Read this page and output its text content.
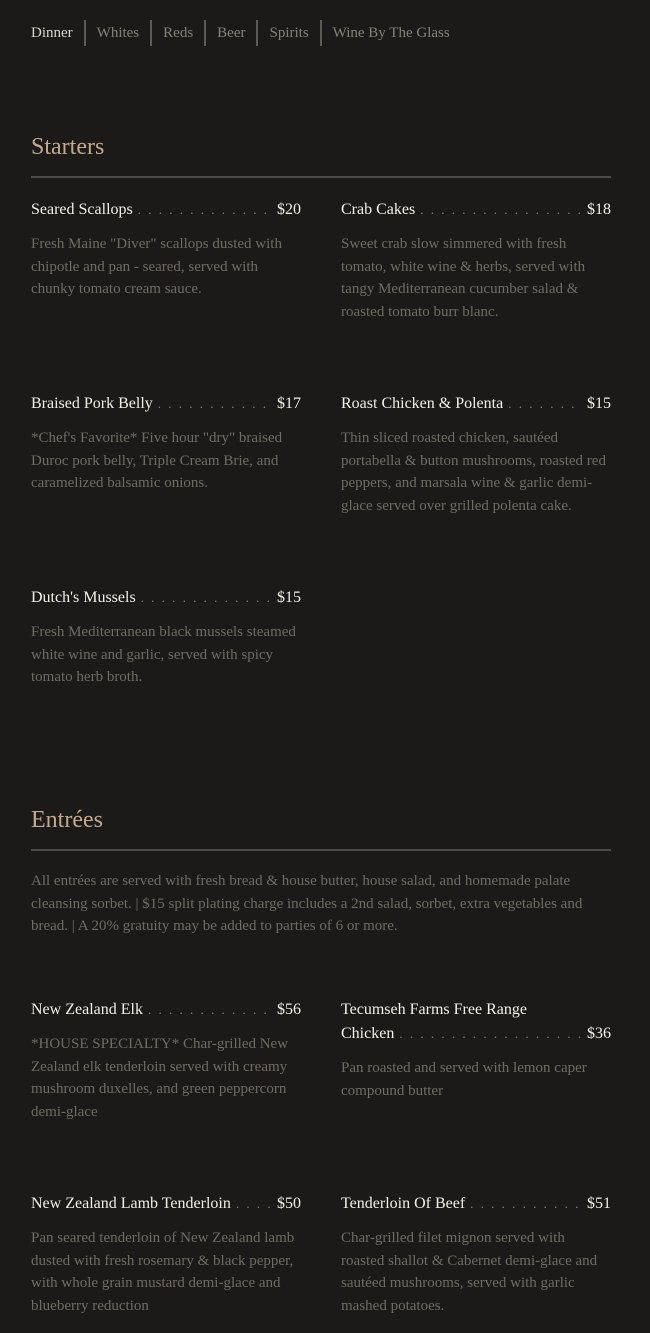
Dinner	Whites	Reds	Beer	Spirits	Wine By The Glass
Starters
Seared Scallops . . .	$20
Fresh Maine "Diver" scallops dusted with chipotle and pan - seared, served with chunky tomato cream sauce.
Crab Cakes . . .	$18
Sweet crab slow simmered with fresh tomato, white wine & herbs, served with tangy Mediterranean cucumber salad & roasted tomato burr blanc.
Braised Pork Belly . . .	$17
*Chef's Favorite* Five hour "dry" braised Duroc pork belly, Triple Cream Brie, and caramelized balsamic onions.
Roast Chicken & Polenta . . .	$15
Thin sliced roasted chicken, sautéed portabella & button mushrooms, roasted red peppers, and marsala wine & garlic demi-glace served over grilled polenta cake.
Dutch's Mussels . . .	$15
Fresh Mediterranean black mussels steamed white wine and garlic, served with spicy tomato herb broth.
Entrées

All entrées are served with fresh bread & house butter, house salad, and homemade palate cleansing sorbet. | $15 split plating charge includes a 2nd salad, sorbet, extra vegetables and bread. | A 20% gratuity may be added to parties of 6 or more.

New Zealand Elk . . .	$56
*HOUSE SPECIALTY* Char-grilled New Zealand elk tenderloin served with creamy mushroom duxelles, and green peppercorn demi-glace
Tecumseh Farms Free Range
Chicken . . .	$36
Pan roasted and served with lemon caper compound butter
New Zealand Lamb Tenderloin . . .	$50
Pan seared tenderloin of New Zealand lamb dusted with fresh rosemary & black pepper, with whole grain mustard demi-glace and blueberry reduction
Tenderloin Of Beef . . .	$51
Char-grilled filet mignon served with roasted shallot & Cabernet demi-glace and sautéed mushrooms, served with garlic mashed potatoes.
